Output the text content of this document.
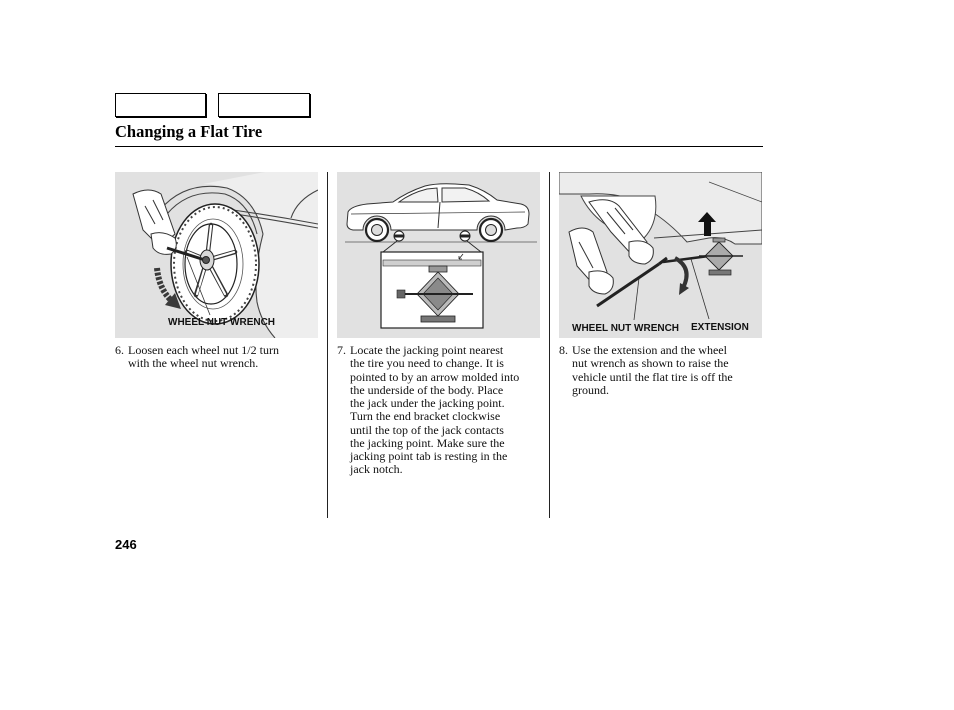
Changing a Flat Tire
WHEEL NUT WRENCH
WHEEL NUT WRENCH EXTENSION
6. Loosen each wheel nut 1/2 turn
with the wheel nut wrench.
7. Locate the jacking point nearest
the tire you need to change. It is
pointed to by an arrow molded into
the underside of the body. Place
the jack under the jacking point.
Turn the end bracket clockwise
until the top of the jack contacts
the jacking point. Make sure the
jacking point tab is resting in the
jack notch.
8. Use the extension and the wheel
nut wrench as shown to raise the
vehicle until the flat tire is off the
ground.
246
